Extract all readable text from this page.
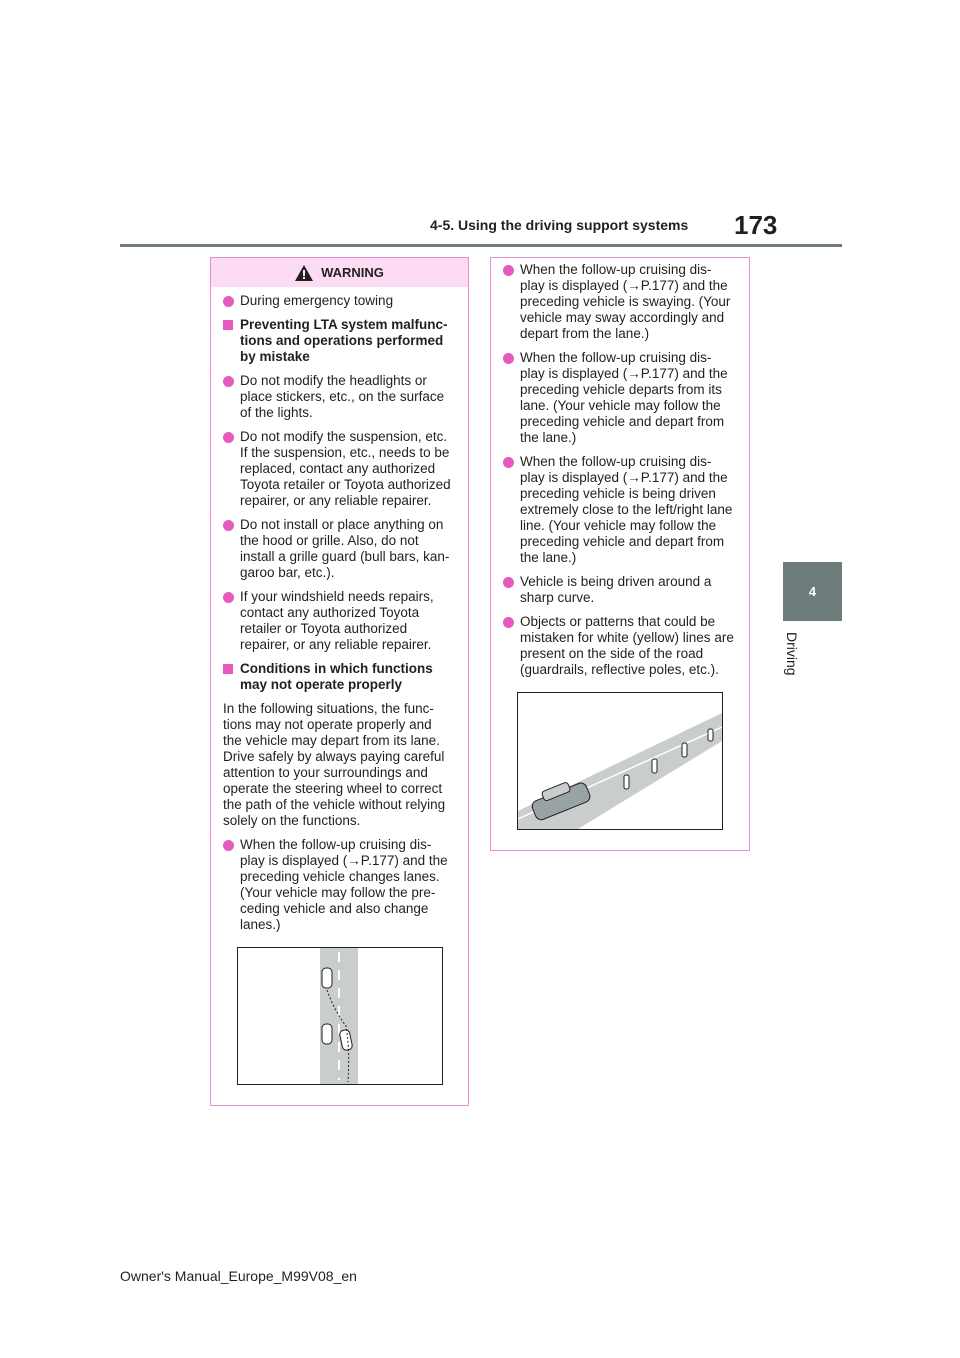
4-5. Using the driving support systems 173
4
Driving
WARNING
During emergency towing
Preventing LTA system malfunc-
tions and operations performed
by mistake
Do not modify the headlights or
place stickers, etc., on the surface
of the lights.
Do not modify the suspension, etc.
If the suspension, etc., needs to be
replaced, contact any authorized
Toyota retailer or Toyota authorized
repairer, or any reliable repairer.
Do not install or place anything on
the hood or grille. Also, do not
install a grille guard (bull bars, kan-
garoo bar, etc.).
If your windshield needs repairs,
contact any authorized Toyota
retailer or Toyota authorized
repairer, or any reliable repairer.
Conditions in which functions
may not operate properly
In the following situations, the func-
tions may not operate properly and
the vehicle may depart from its lane.
Drive safely by always paying careful
attention to your surroundings and
operate the steering wheel to correct
the path of the vehicle without relying
solely on the functions.
When the follow-up cruising dis-
play is displayed (→P.177) and the
preceding vehicle changes lanes.
(Your vehicle may follow the pre-
ceding vehicle and also change
lanes.)
When the follow-up cruising dis-
play is displayed (→P.177) and the
preceding vehicle is swaying. (Your
vehicle may sway accordingly and
depart from the lane.)
When the follow-up cruising dis-
play is displayed (→P.177) and the
preceding vehicle departs from its
lane. (Your vehicle may follow the
preceding vehicle and depart from
the lane.)
When the follow-up cruising dis-
play is displayed (→P.177) and the
preceding vehicle is being driven
extremely close to the left/right lane
line. (Your vehicle may follow the
preceding vehicle and depart from
the lane.)
Vehicle is being driven around a
sharp curve.
Objects or patterns that could be
mistaken for white (yellow) lines are
present on the side of the road
(guardrails, reflective poles, etc.).
Owner's Manual_Europe_M99V08_en
